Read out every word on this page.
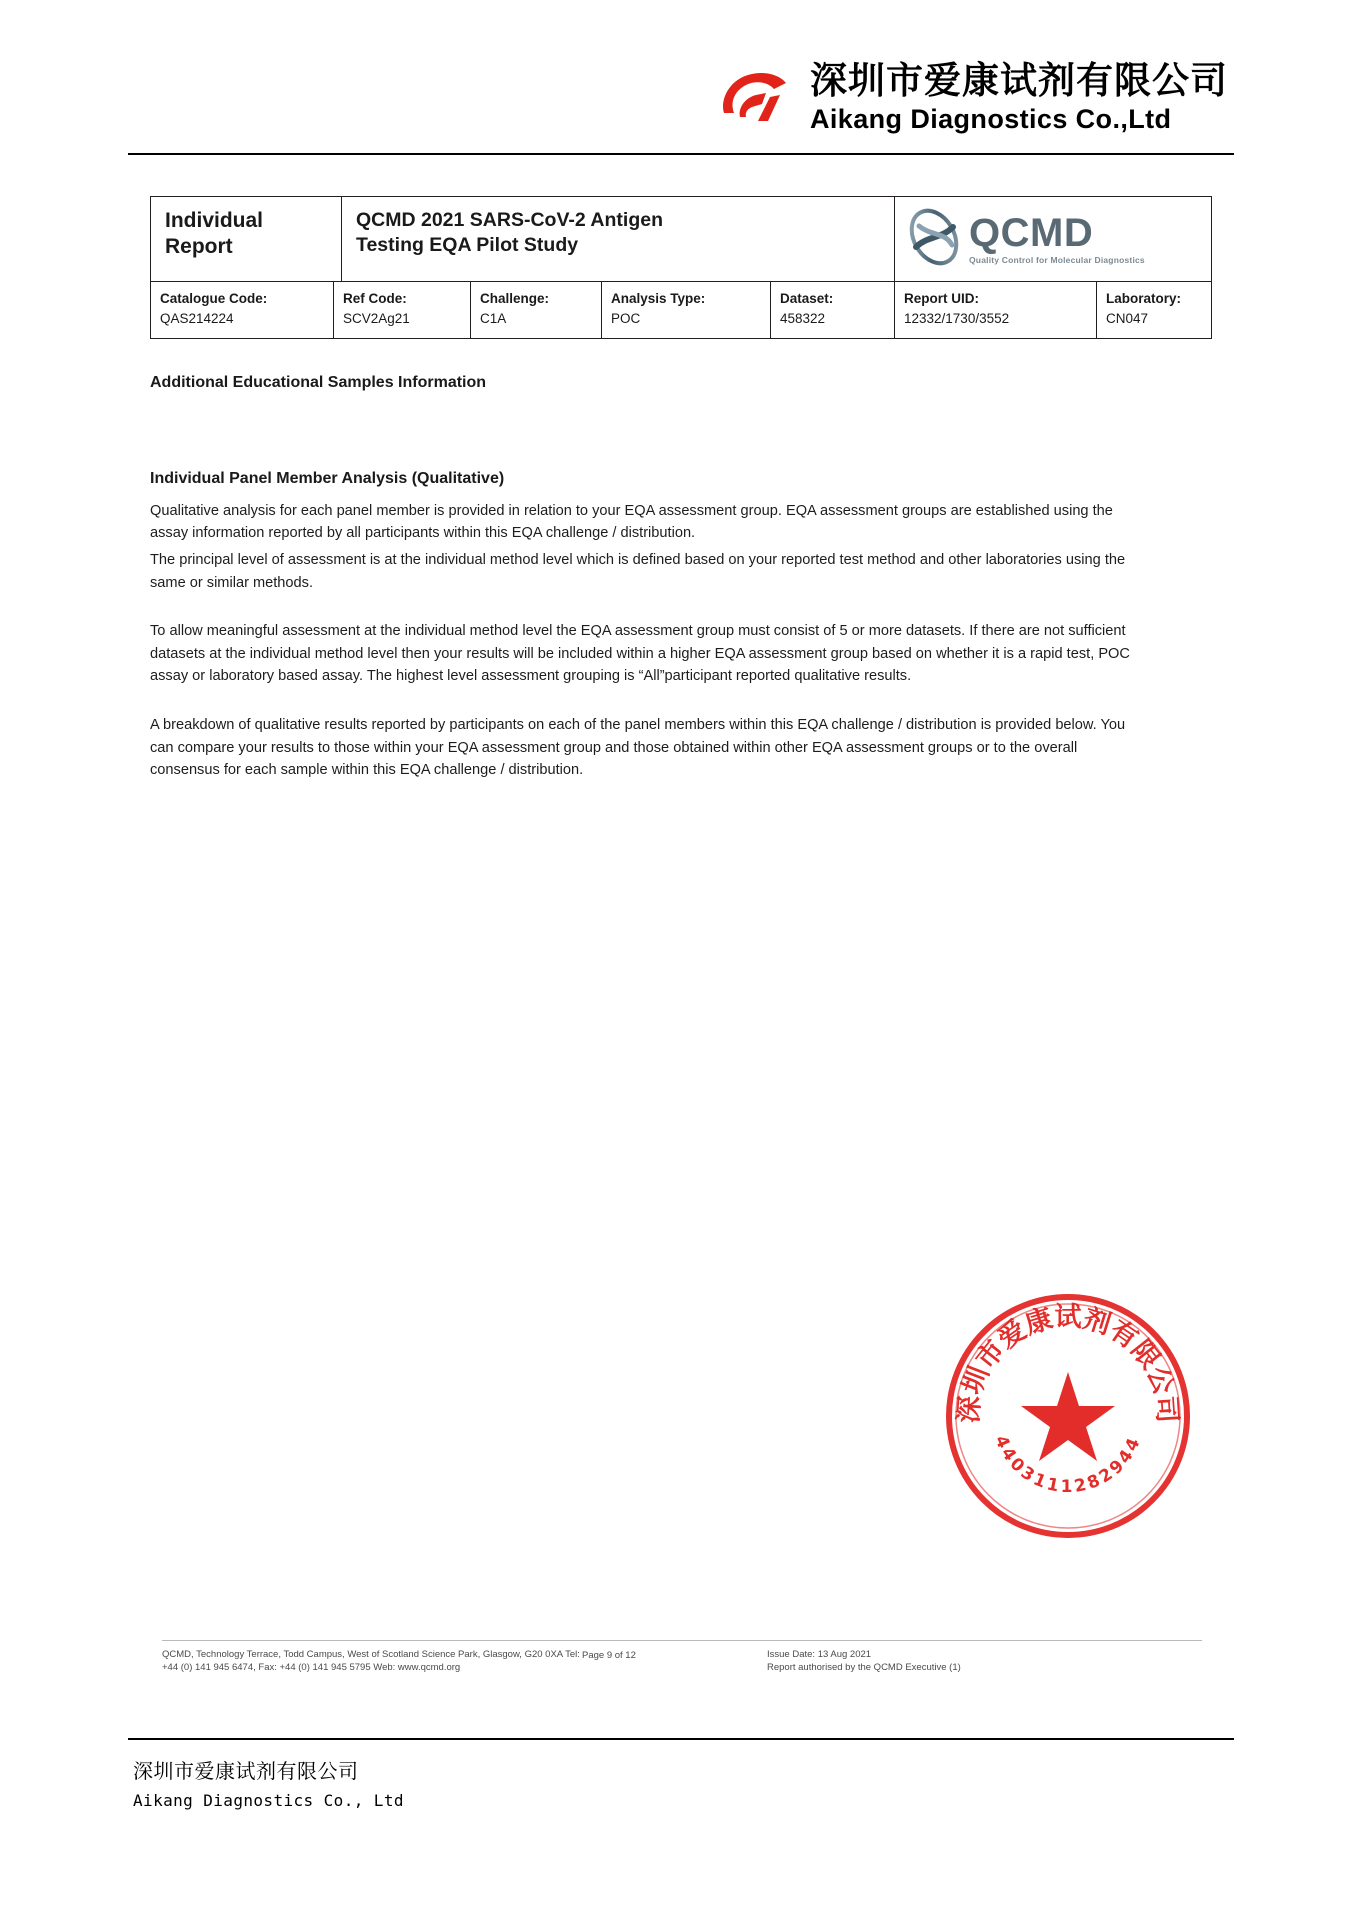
深圳市爱康试剂有限公司
Aikang Diagnostics Co.,Ltd
Individual
Report

QCMD 2021 SARS-CoV-2 Antigen
Testing EQA Pilot Study	QCMD
Quality Control for Molecular Diagnostics
Catalogue Code:
QAS214224

Ref Code:
SCV2Ag21

Challenge:
C1A

Analysis Type:
POC

Dataset:
458322

Report UID:
12332/1730/3552

Laboratory:
CN047
Additional Educational Samples Information
Individual Panel Member Analysis (Qualitative)
Qualitative analysis for each panel member is provided in relation to your EQA assessment group. EQA assessment groups are established using the assay information reported by all participants within this EQA challenge / distribution.
The principal level of assessment is at the individual method level which is defined based on your reported test method and other laboratories using the same or similar methods.
To allow meaningful assessment at the individual method level the EQA assessment group must consist of 5 or more datasets. If there are not sufficient datasets at the individual method level then your results will be included within a higher EQA assessment group based on whether it is a rapid test, POC assay or laboratory based assay. The highest level assessment grouping is “All”participant reported qualitative results.
A breakdown of qualitative results reported by participants on each of the panel members within this EQA challenge / distribution is provided below. You can compare your results to those within your EQA assessment group and those obtained within other EQA assessment groups or to the overall consensus for each sample within this EQA challenge / distribution.
深圳市爱康试剂有限公司
4403111282944
QCMD, Technology Terrace, Todd Campus, West of Scotland Science Park, Glasgow, G20 0XA Tel: +44 (0) 141 945 6474, Fax: +44 (0) 141 945 5795 Web: www.qcmd.org
Page 9 of 12	Issue Date: 13 Aug 2021
Report authorised by the QCMD Executive (1)
深圳市爱康试剂有限公司
Aikang Diagnostics Co., Ltd
